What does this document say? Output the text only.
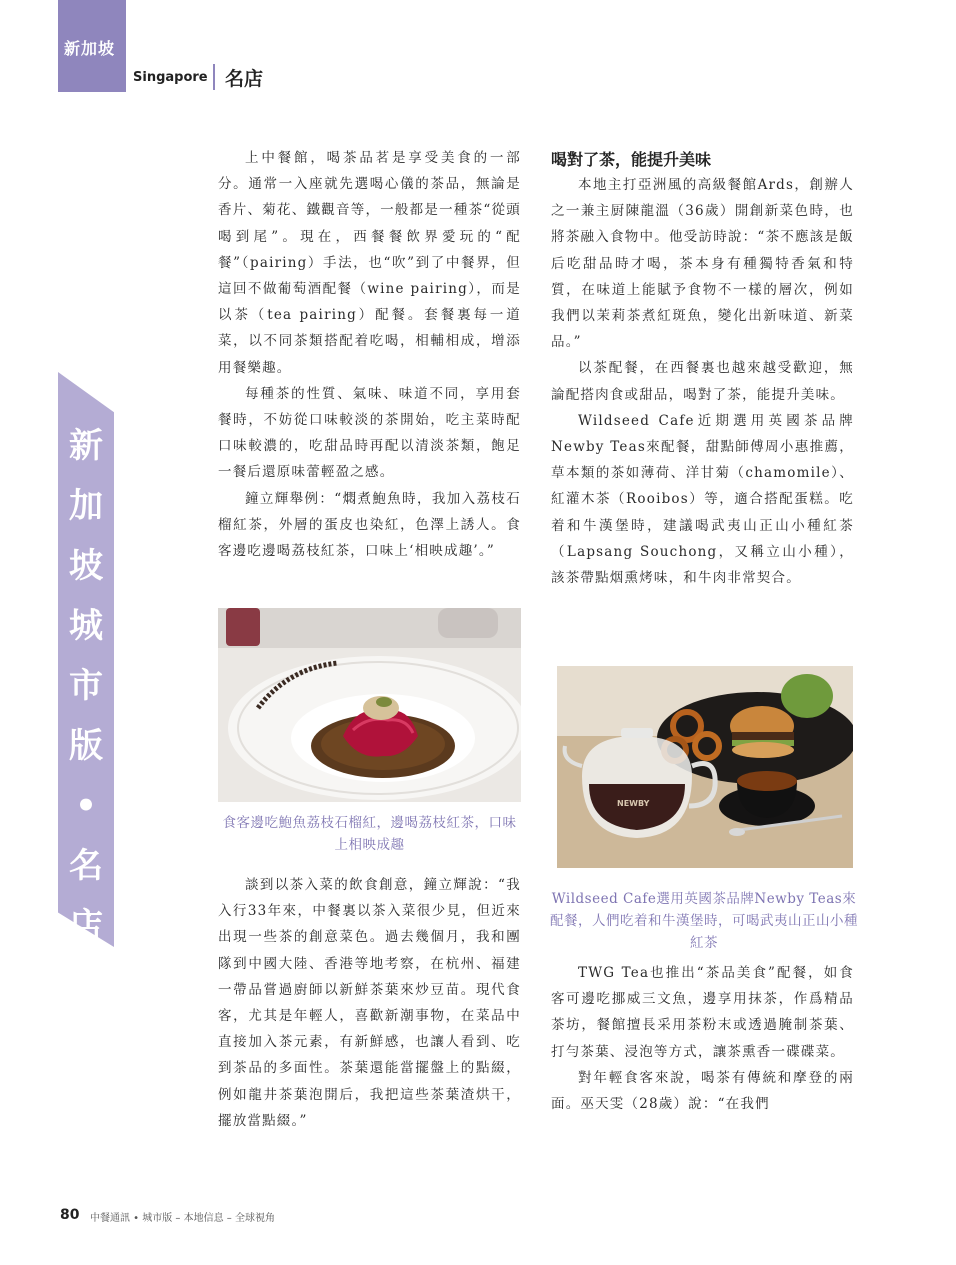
新加坡
Singapore 名店
新
加
坡
城
市
版
•
名
店

上中餐館，喝茶品茗是享受美食的一部分。通常一入座就先選喝心儀的茶品，無論是香片、菊花、鐵觀音等，一般都是一種茶“從頭喝到尾”。現在，西餐餐飲界愛玩的“配餐”（pairing）手法，也“吹”到了中餐界，但這回不做葡萄酒配餐（wine pairing），而是以茶（tea pairing）配餐。套餐裏每一道菜，以不同茶類搭配着吃喝，相輔相成，增添用餐樂趣。

每種茶的性質、氣味、味道不同，享用套餐時，不妨從口味較淡的茶開始，吃主菜時配口味較濃的，吃甜品時再配以清淡茶類，飽足一餐后還原味蕾輕盈之感。

鐘立輝舉例：“燜煮鮑魚時，我加入荔枝石榴紅茶，外層的蛋皮也染紅，色澤上誘人。食客邊吃邊喝荔枝紅茶，口味上‘相映成趣’。”

食客邊吃鮑魚荔枝石榴紅，邊喝荔枝紅茶，口味上相映成趣

談到以茶入菜的飲食創意，鐘立輝說：“我入行33年來，中餐裏以茶入菜很少見，但近來出現一些茶的創意菜色。過去幾個月，我和團隊到中國大陸、香港等地考察，在杭州、福建一帶品嘗過廚師以新鮮茶葉來炒豆苗。現代食客，尤其是年輕人，喜歡新潮事物，在菜品中直接加入茶元素，有新鮮感，也讓人看到、吃到茶品的多面性。茶葉還能當擺盤上的點綴，例如龍井茶葉泡開后，我把這些茶葉渣烘干，擺放當點綴。”

喝對了茶，能提升美味

本地主打亞洲風的高級餐館Ards，創辦人之一兼主厨陳龍溫（36歲）開創新菜色時，也將茶融入食物中。他受訪時說：“茶不應該是飯后吃甜品時才喝，茶本身有種獨特香氣和特質，在味道上能賦予食物不一樣的層次，例如我們以茉莉茶煮紅斑魚，變化出新味道、新菜品。”

以茶配餐，在西餐裏也越來越受歡迎，無論配搭肉食或甜品，喝對了茶，能提升美味。

Wildseed Cafe近期選用英國茶品牌Newby Teas來配餐，甜點師傅周小惠推薦，草本類的茶如薄荷、洋甘菊（chamomile）、紅灌木茶（Rooibos）等，適合搭配蛋糕。吃着和牛漢堡時，建議喝武夷山正山小種紅茶（Lapsang Souchong，又稱立山小種），該茶帶點烟熏烤味，和牛肉非常契合。

NEWBY
Wildseed Cafe選用英國茶品牌Newby Teas來配餐，人們吃着和牛漢堡時，可喝武夷山正山小種紅茶

TWG Tea也推出“茶品美食”配餐，如食客可邊吃挪威三文魚，邊享用抹茶，作爲精品茶坊，餐館擅長采用茶粉末或透過腌制茶葉、打勻茶葉、浸泡等方式，讓茶熏香一碟碟菜。

對年輕食客來說，喝茶有傳統和摩登的兩面。巫天雯（28歲）說：“在我們

80 中餐通訊 • 城市版 – 本地信息 – 全球視角
